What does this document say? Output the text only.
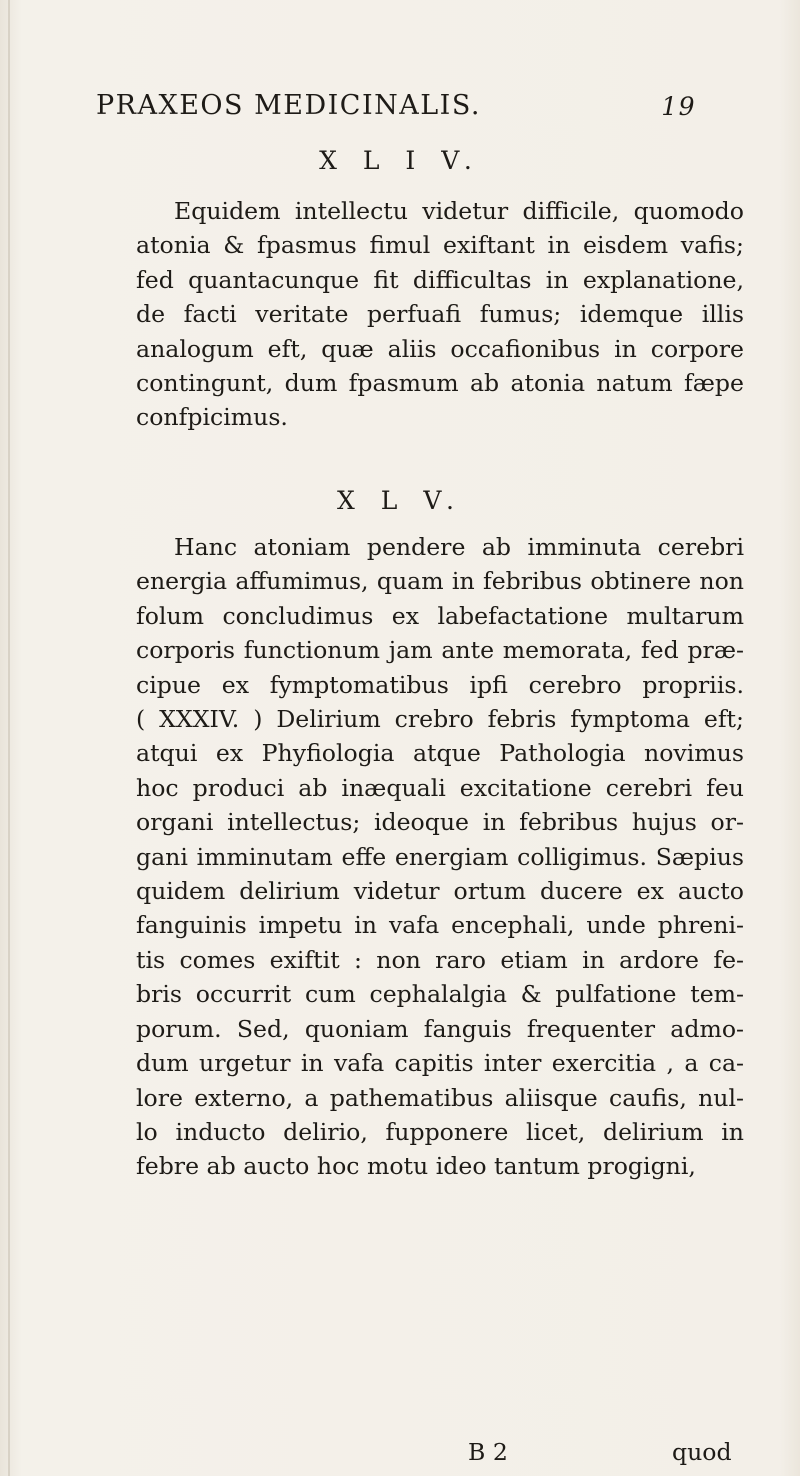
PRAXEOS MEDICINALIS.	19
X L I V.
Equidem intellectu videtur difficile, quomodo
atonia & fpasmus fimul exiftant in eisdem vafis;
fed quantacunque fit difficultas in explanatione,
de facti veritate perfuafi fumus; idemque illis
analogum eft, quæ aliis occafionibus in corpore
contingunt, dum fpasmum ab atonia natum fæpe
confpicimus.
X L V.
Hanc atoniam pendere ab imminuta cerebri
energia affumimus, quam in febribus obtinere non
folum concludimus ex labefactatione multarum
corporis functionum jam ante memorata, fed præ-
cipue ex fymptomatibus ipfi cerebro propriis.
( XXXIV. ) Delirium crebro febris fymptoma eft;
atqui ex Phyfiologia atque Pathologia novimus
hoc produci ab inæquali excitatione cerebri feu
organi intellectus; ideoque in febribus hujus or-
gani imminutam effe energiam colligimus. Sæpius
quidem delirium videtur ortum ducere ex aucto
fanguinis impetu in vafa encephali, unde phreni-
tis comes exiftit : non raro etiam in ardore fe-
bris occurrit cum cephalalgia & pulfatione tem-
porum. Sed, quoniam fanguis frequenter admo-
dum urgetur in vafa capitis inter exercitia , a ca-
lore externo, a pathematibus aliisque caufis, nul-
lo inducto delirio, fupponere licet, delirium in
febre ab aucto hoc motu ideo tantum progigni,
B 2	quod
